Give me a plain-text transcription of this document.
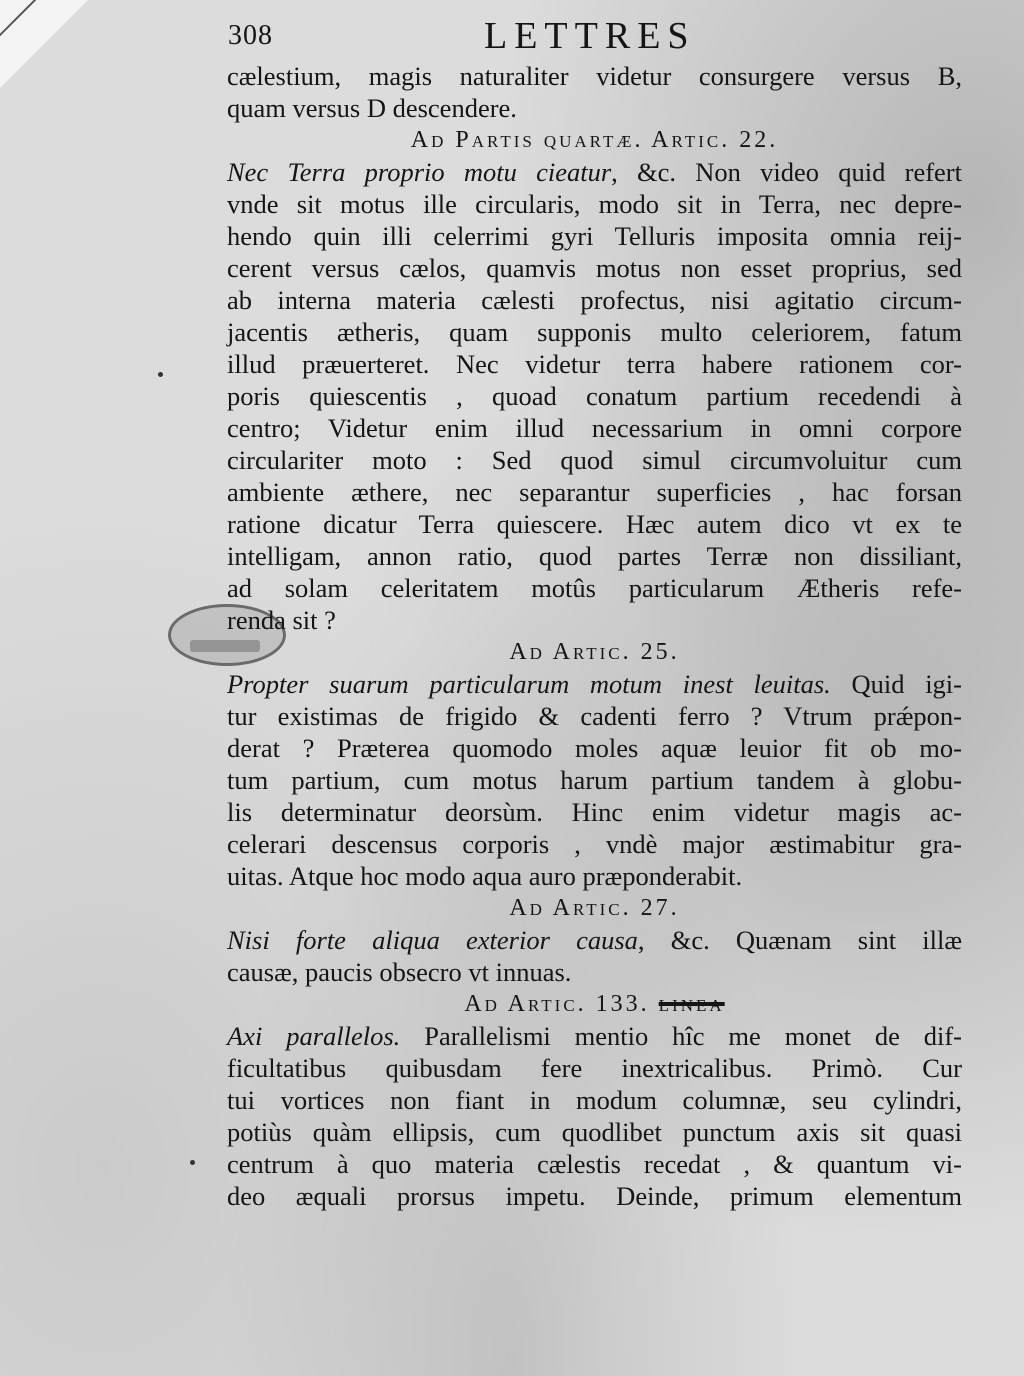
308	LETTRES
cælestium, magis naturaliter videtur consurgere versus B,
quam versus D descendere.
Ad Partis quartæ. Artic. 22.
Nec Terra proprio motu cieatur, &c. Non video quid refert
vnde sit motus ille circularis, modo sit in Terra, nec depre-
hendo quin illi celerrimi gyri Telluris imposita omnia reij-
cerent versus cælos, quamvis motus non esset proprius, sed
ab interna materia cælesti profectus, nisi agitatio circum-
jacentis ætheris, quam supponis multo celeriorem, fatum
illud præuerteret. Nec videtur terra habere rationem cor-
poris quiescentis , quoad conatum partium recedendi à
centro; Videtur enim illud necessarium in omni corpore
circulariter moto : Sed quod simul circumvoluitur cum
ambiente æthere, nec separantur superficies , hac forsan
ratione dicatur Terra quiescere. Hæc autem dico vt ex te
intelligam, annon ratio, quod partes Terræ non dissiliant,
ad solam celeritatem motûs particularum Ætheris refe-
renda sit ?
Ad Artic. 25.
Propter suarum particularum motum inest leuitas. Quid igi-
tur existimas de frigido & cadenti ferro ? Vtrum prǽpon-
derat ? Præterea quomodo moles aquæ leuior fit ob mo-
tum partium, cum motus harum partium tandem à globu-
lis determinatur deorsùm. Hinc enim videtur magis ac-
celerari descensus corporis , vndè major æstimabitur gra-
uitas. Atque hoc modo aqua auro præponderabit.
Ad Artic. 27.
Nisi forte aliqua exterior causa, &c. Quænam sint illæ
causæ, paucis obsecro vt innuas.
Ad Artic. 133. linea
Axi parallelos. Parallelismi mentio hîc me monet de dif-
ficultatibus quibusdam fere inextricalibus. Primò. Cur
tui vortices non fiant in modum columnæ, seu cylindri,
potiùs quàm ellipsis, cum quodlibet punctum axis sit quasi
centrum à quo materia cælestis recedat , & quantum vi-
deo æquali prorsus impetu. Deinde, primum elementum
